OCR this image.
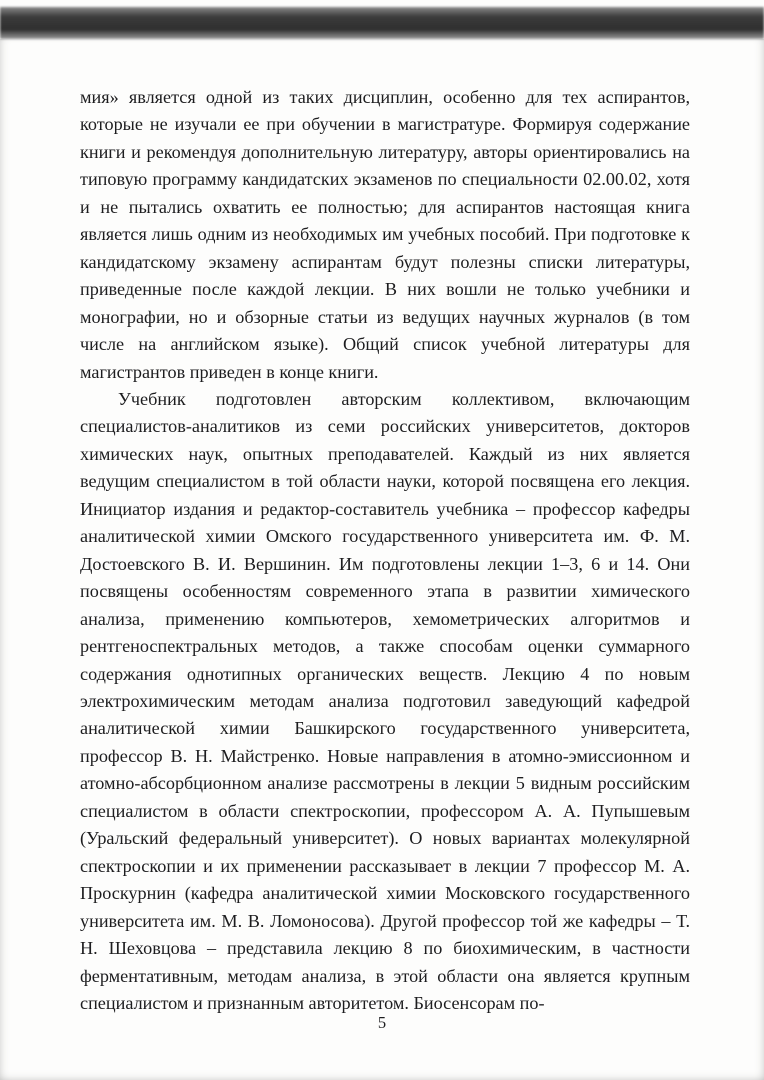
мия» является одной из таких дисциплин, особенно для тех аспирантов, которые не изучали ее при обучении в магистратуре. Формируя содержание книги и рекомендуя дополнительную литературу, авторы ориентировались на типовую программу кандидатских экзаменов по специальности 02.00.02, хотя и не пытались охватить ее полностью; для аспирантов настоящая книга является лишь одним из необходимых им учебных пособий. При подготовке к кандидатскому экзамену аспирантам будут полезны списки литературы, приведенные после каждой лекции. В них вошли не только учебники и монографии, но и обзорные статьи из ведущих научных журналов (в том числе на английском языке). Общий список учебной литературы для магистрантов приведен в конце книги.

Учебник подготовлен авторским коллективом, включающим специалистов-аналитиков из семи российских университетов, докторов химических наук, опытных преподавателей. Каждый из них является ведущим специалистом в той области науки, которой посвящена его лекция. Инициатор издания и редактор-составитель учебника – профессор кафедры аналитической химии Омского государственного университета им. Ф. М. Достоевского В. И. Вершинин. Им подготовлены лекции 1–3, 6 и 14. Они посвящены особенностям современного этапа в развитии химического анализа, применению компьютеров, хемометрических алгоритмов и рентгеноспектральных методов, а также способам оценки суммарного содержания однотипных органических веществ. Лекцию 4 по новым электрохимическим методам анализа подготовил заведующий кафедрой аналитической химии Башкирского государственного университета, профессор В. Н. Майстренко. Новые направления в атомно-эмиссионном и атомно-абсорбционном анализе рассмотрены в лекции 5 видным российским специалистом в области спектроскопии, профессором А. А. Пупышевым (Уральский федеральный университет). О новых вариантах молекулярной спектроскопии и их применении рассказывает в лекции 7 профессор М. А. Проскурнин (кафедра аналитической химии Московского государственного университета им. М. В. Ломоносова). Другой профессор той же кафедры – Т. Н. Шеховцова – представила лекцию 8 по биохимическим, в частности ферментативным, методам анализа, в этой области она является крупным специалистом и признанным авторитетом. Биосенсорам по-

5
